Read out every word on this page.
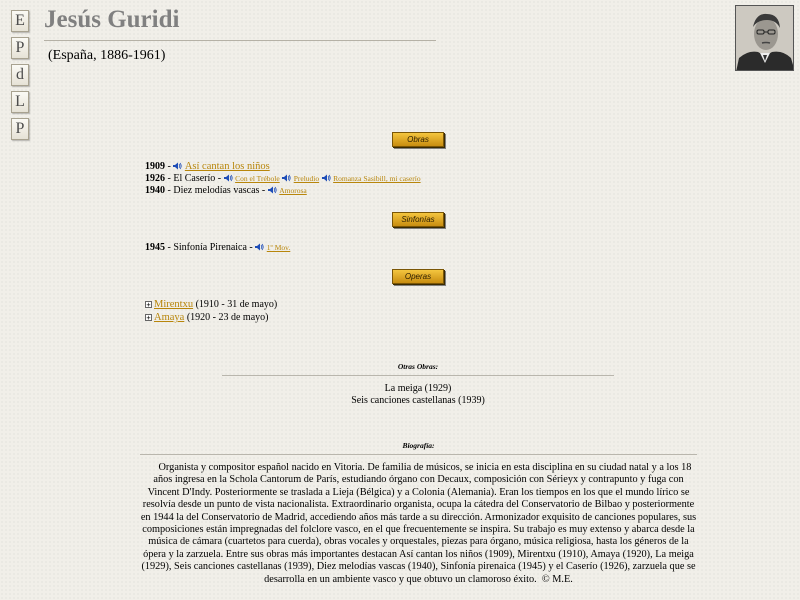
E
P
d
L
P
Jesús Guridi
(España, 1886-1961)
Obras
1909 -  Así cantan los niños
1926 - El Caserío -  Con el Trébole Preludio Romanza Sasibill, mi caserío
1940 - Diez melodías vascas -  Amorosa
Sinfonías
1945 - Sinfonía Pirenaica -  1º Mov.
Operas
+ Mirentxu (1910 - 31 de mayo)
+ Amaya (1920 - 23 de mayo)
Otras Obras:
La meiga (1929)
Seis canciones castellanas (1939)
Biografía:
Organista y compositor español nacido en Vitoria. De familia de músicos, se inicia en esta disciplina en su ciudad natal y a los 18 años ingresa en la Schola Cantorum de París, estudiando órgano con Decaux, composición con Sérieyx y contrapunto y fuga con Vincent D'Indy. Posteriormente se traslada a Lieja (Bélgica) y a Colonia (Alemania). Eran los tiempos en los que el mundo lírico se resolvía desde un punto de vista nacionalista. Extraordinario organista, ocupa la cátedra del Conservatorio de Bilbao y posteriormente en 1944 la del Conservatorio de Madrid, accediendo años más tarde a su dirección. Armonizador exquisito de canciones populares, sus composiciones están impregnadas del folclore vasco, en el que frecuentemente se inspira. Su trabajo es muy extenso y abarca desde la música de cámara (cuartetos para cuerda), obras vocales y orquestales, piezas para órgano, música religiosa, hasta los géneros de la ópera y la zarzuela. Entre sus obras más importantes destacan Así cantan los niños (1909), Mirentxu (1910), Amaya (1920), La meiga (1929), Seis canciones castellanas (1939), Diez melodías vascas (1940), Sinfonía pirenaica (1945) y el Caserío (1926), zarzuela que se desarrolla en un ambiente vasco y que obtuvo un clamoroso éxito. © M.E.
